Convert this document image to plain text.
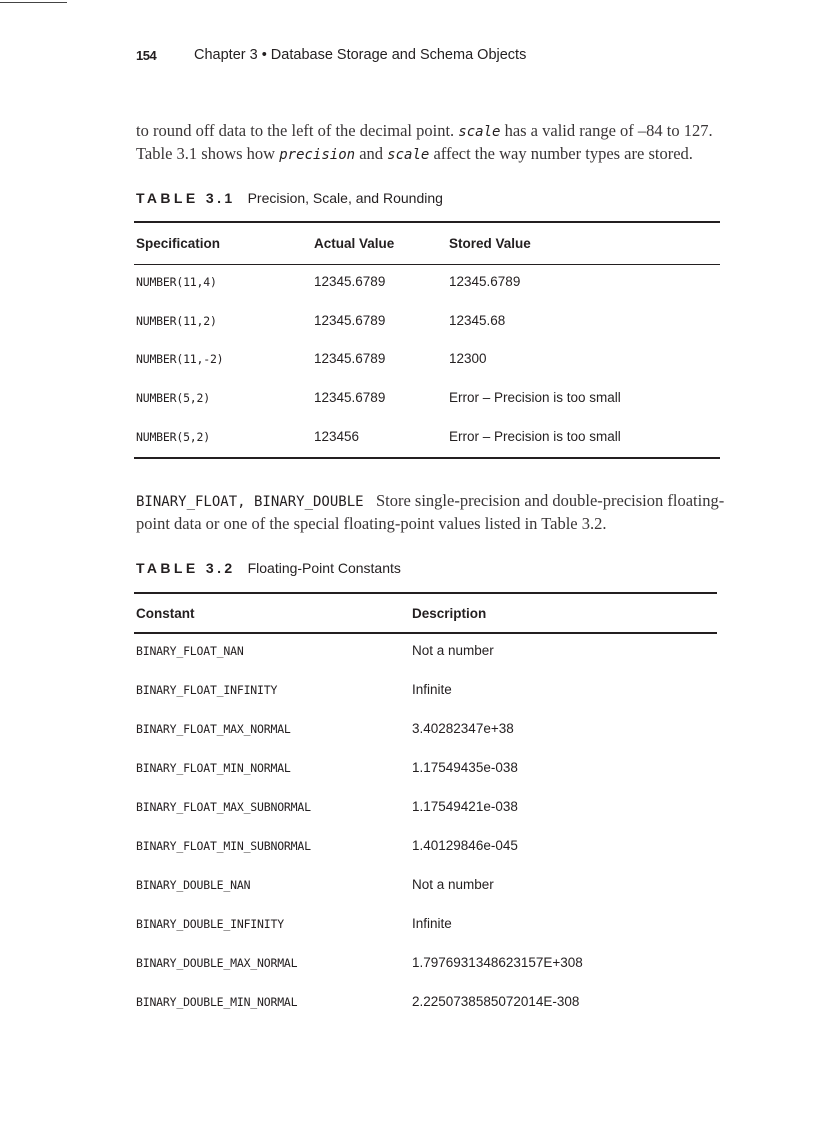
154	Chapter 3 • Database Storage and Schema Objects

to round off data to the left of the decimal point. scale has a valid range of –84 to 127. Table 3.1 shows how precision and scale affect the way number types are stored.

TABLE 3.1 Precision, Scale, and Rounding
Specification	Actual Value	Stored Value
NUMBER(11,4)	12345.6789	12345.6789
NUMBER(11,2)	12345.6789	12345.68
NUMBER(11,-2)	12345.6789	12300
NUMBER(5,2)	12345.6789	Error – Precision is too small
NUMBER(5,2)	123456	Error – Precision is too small

BINARY_FLOAT, BINARY_DOUBLE Store single-precision and double-precision floating-point data or one of the special floating-point values listed in Table 3.2.

TABLE 3.2 Floating-Point Constants
Constant	Description
BINARY_FLOAT_NAN	Not a number
BINARY_FLOAT_INFINITY	Infinite
BINARY_FLOAT_MAX_NORMAL	3.40282347e+38
BINARY_FLOAT_MIN_NORMAL	1.17549435e-038
BINARY_FLOAT_MAX_SUBNORMAL	1.17549421e-038
BINARY_FLOAT_MIN_SUBNORMAL	1.40129846e-045
BINARY_DOUBLE_NAN	Not a number
BINARY_DOUBLE_INFINITY	Infinite
BINARY_DOUBLE_MAX_NORMAL	1.7976931348623157E+308
BINARY_DOUBLE_MIN_NORMAL	2.2250738585072014E-308
